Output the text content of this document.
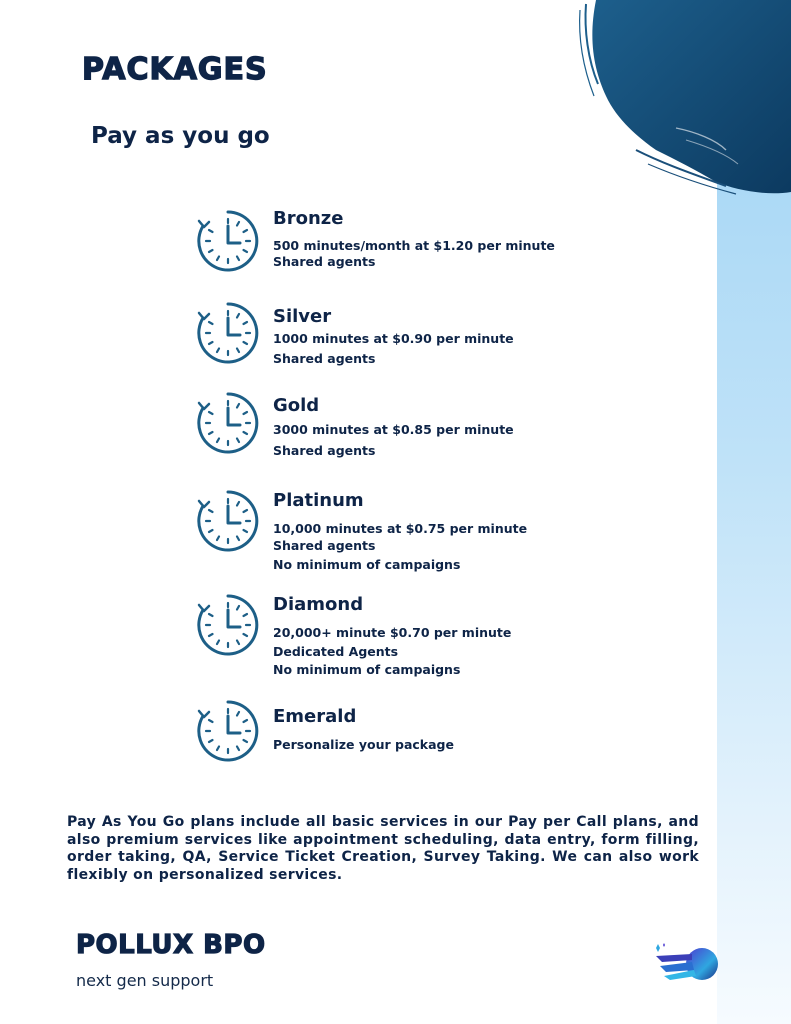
PACKAGES
Pay as you go
Bronze
500 minutes/month at $1.20 per minute
Shared agents
Silver
1000 minutes at $0.90 per minute
Shared agents
Gold
3000 minutes at $0.85 per minute
Shared agents
Platinum
10,000 minutes at $0.75 per minute
Shared agents
No minimum of campaigns
Diamond
20,000+ minute $0.70 per minute
Dedicated Agents
No minimum of campaigns
Emerald
Personalize your package

Pay As You Go plans include all basic services in our Pay per Call plans, and also premium services like appointment scheduling, data entry, form filling, order taking, QA, Service Ticket Creation, Survey Taking. We can also work flexibly on personalized services.

POLLUX BPO
next gen support
